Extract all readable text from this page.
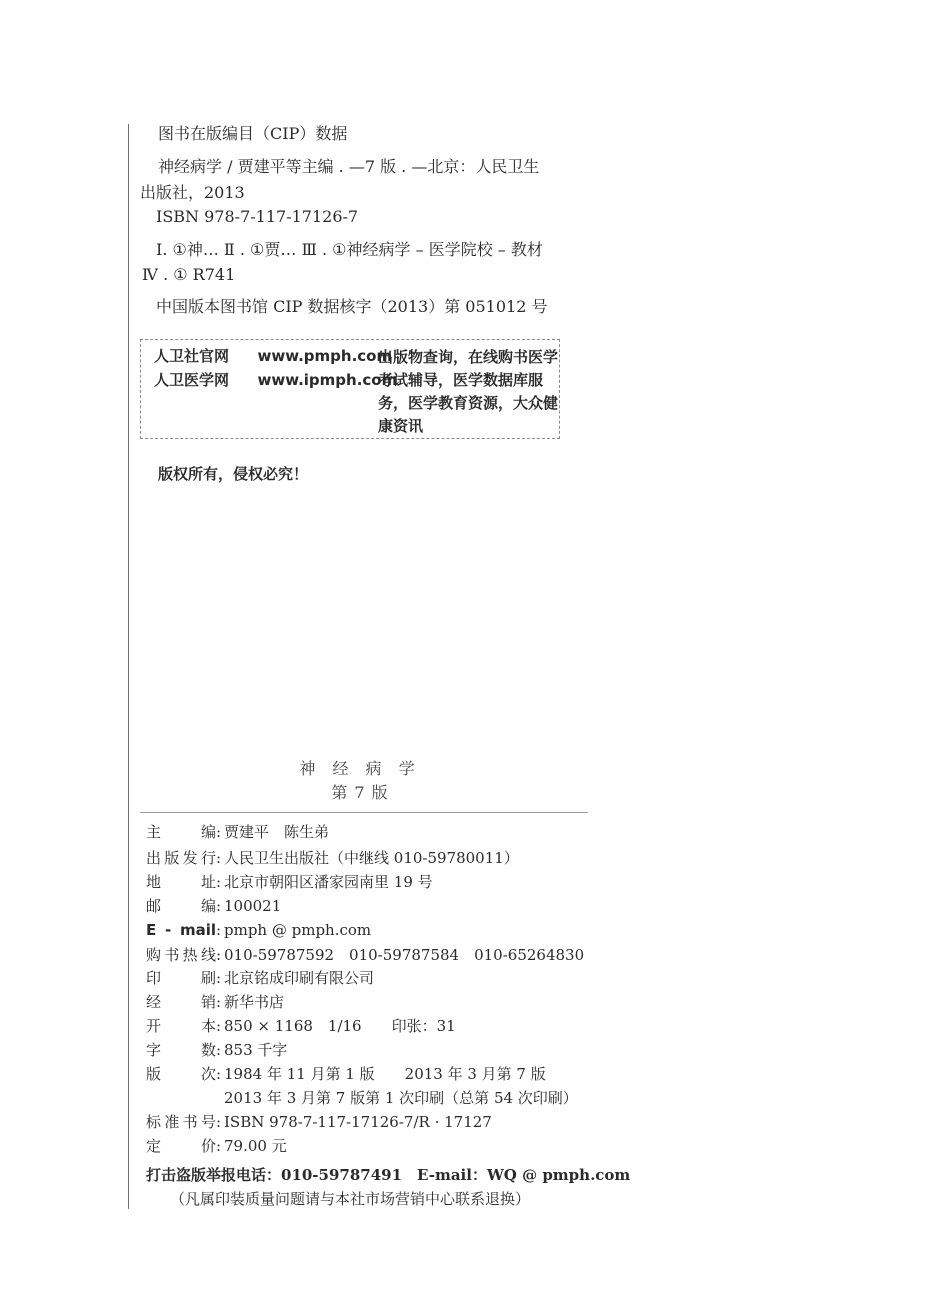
图书在版编目（CIP）数据
神经病学 / 贾建平等主编 . —7 版 . —北京：人民卫生
出版社，2013
ISBN 978-7-117-17126-7
Ⅰ. ①神… Ⅱ . ①贾… Ⅲ . ①神经病学 – 医学院校 – 教材
Ⅳ . ① R741
中国版本图书馆 CIP 数据核字（2013）第 051012 号
人卫社官网 www.pmph.com
人卫医学网 www.ipmph.com
出版物查询，在线购书医学考试辅导，医学数据库服务，医学教育资源，大众健康资讯
版权所有，侵权必究！
神 经 病 学
第 7 版
主　　编: 贾建平　陈生弟
出版发行: 人民卫生出版社（中继线 010-59780011）
地　　址: 北京市朝阳区潘家园南里 19 号
邮　　编: 100021
E - mail: pmph @ pmph.com
购书热线: 010-59787592　010-59787584　010-65264830
印　　刷: 北京铭成印刷有限公司
经　　销: 新华书店
开　　本: 850 × 1168　1/16　　印张：31
字　　数: 853 千字
版　　次: 1984 年 11 月第 1 版　　2013 年 3 月第 7 版
2013 年 3 月第 7 版第 1 次印刷（总第 54 次印刷）
标准书号: ISBN 978-7-117-17126-7/R · 17127
定　　价: 79.00 元
打击盗版举报电话：010-59787491　E-mail：WQ @ pmph.com
（凡属印装质量问题请与本社市场营销中心联系退换）
